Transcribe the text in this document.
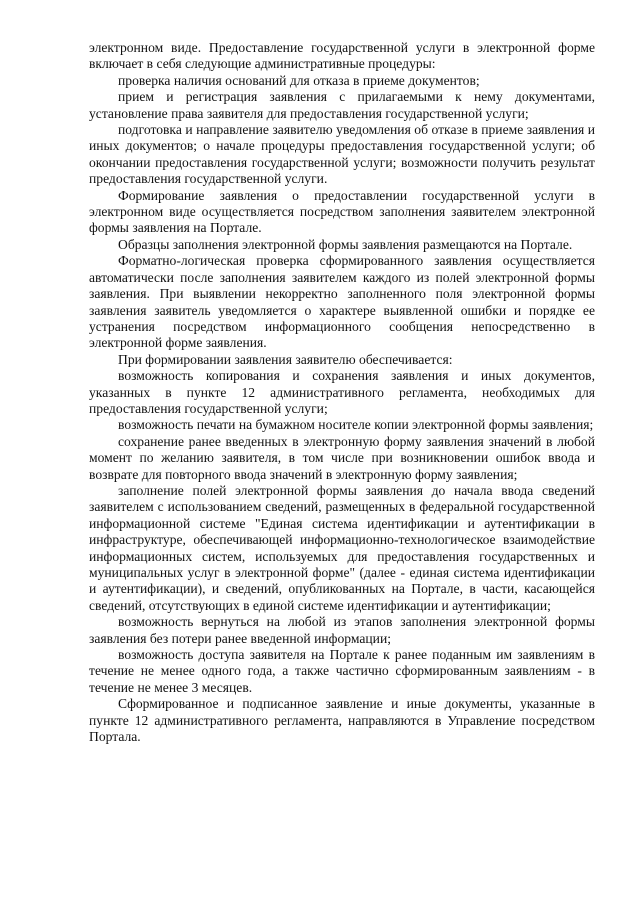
электронном виде. Предоставление государственной услуги в электронной форме включает в себя следующие административные процедуры:

проверка наличия оснований для отказа в приеме документов;

прием и регистрация заявления с прилагаемыми к нему документами, установление права заявителя для предоставления государственной услуги;

подготовка и направление заявителю уведомления об отказе в приеме заявления и иных документов; о начале процедуры предоставления государственной услуги; об окончании предоставления государственной услуги; возможности получить результат предоставления государственной услуги.

Формирование заявления о предоставлении государственной услуги в электронном виде осуществляется посредством заполнения заявителем электронной формы заявления на Портале.

Образцы заполнения электронной формы заявления размещаются на Портале.

Форматно-логическая проверка сформированного заявления осуществляется автоматически после заполнения заявителем каждого из полей электронной формы заявления. При выявлении некорректно заполненного поля электронной формы заявления заявитель уведомляется о характере выявленной ошибки и порядке ее устранения посредством информационного сообщения непосредственно в электронной форме заявления.

При формировании заявления заявителю обеспечивается:

возможность копирования и сохранения заявления и иных документов, указанных в пункте 12 административного регламента, необходимых для предоставления государственной услуги;

возможность печати на бумажном носителе копии электронной формы заявления;

сохранение ранее введенных в электронную форму заявления значений в любой момент по желанию заявителя, в том числе при возникновении ошибок ввода и возврате для повторного ввода значений в электронную форму заявления;

заполнение полей электронной формы заявления до начала ввода сведений заявителем с использованием сведений, размещенных в федеральной государственной информационной системе "Единая система идентификации и аутентификации в инфраструктуре, обеспечивающей информационно-технологическое взаимодействие информационных систем, используемых для предоставления государственных и муниципальных услуг в электронной форме" (далее - единая система идентификации и аутентификации), и сведений, опубликованных на Портале, в части, касающейся сведений, отсутствующих в единой системе идентификации и аутентификации;

возможность вернуться на любой из этапов заполнения электронной формы заявления без потери ранее введенной информации;

возможность доступа заявителя на Портале к ранее поданным им заявлениям в течение не менее одного года, а также частично сформированным заявлениям - в течение не менее 3 месяцев.

Сформированное и подписанное заявление и иные документы, указанные в пункте 12 административного регламента, направляются в Управление посредством Портала.
